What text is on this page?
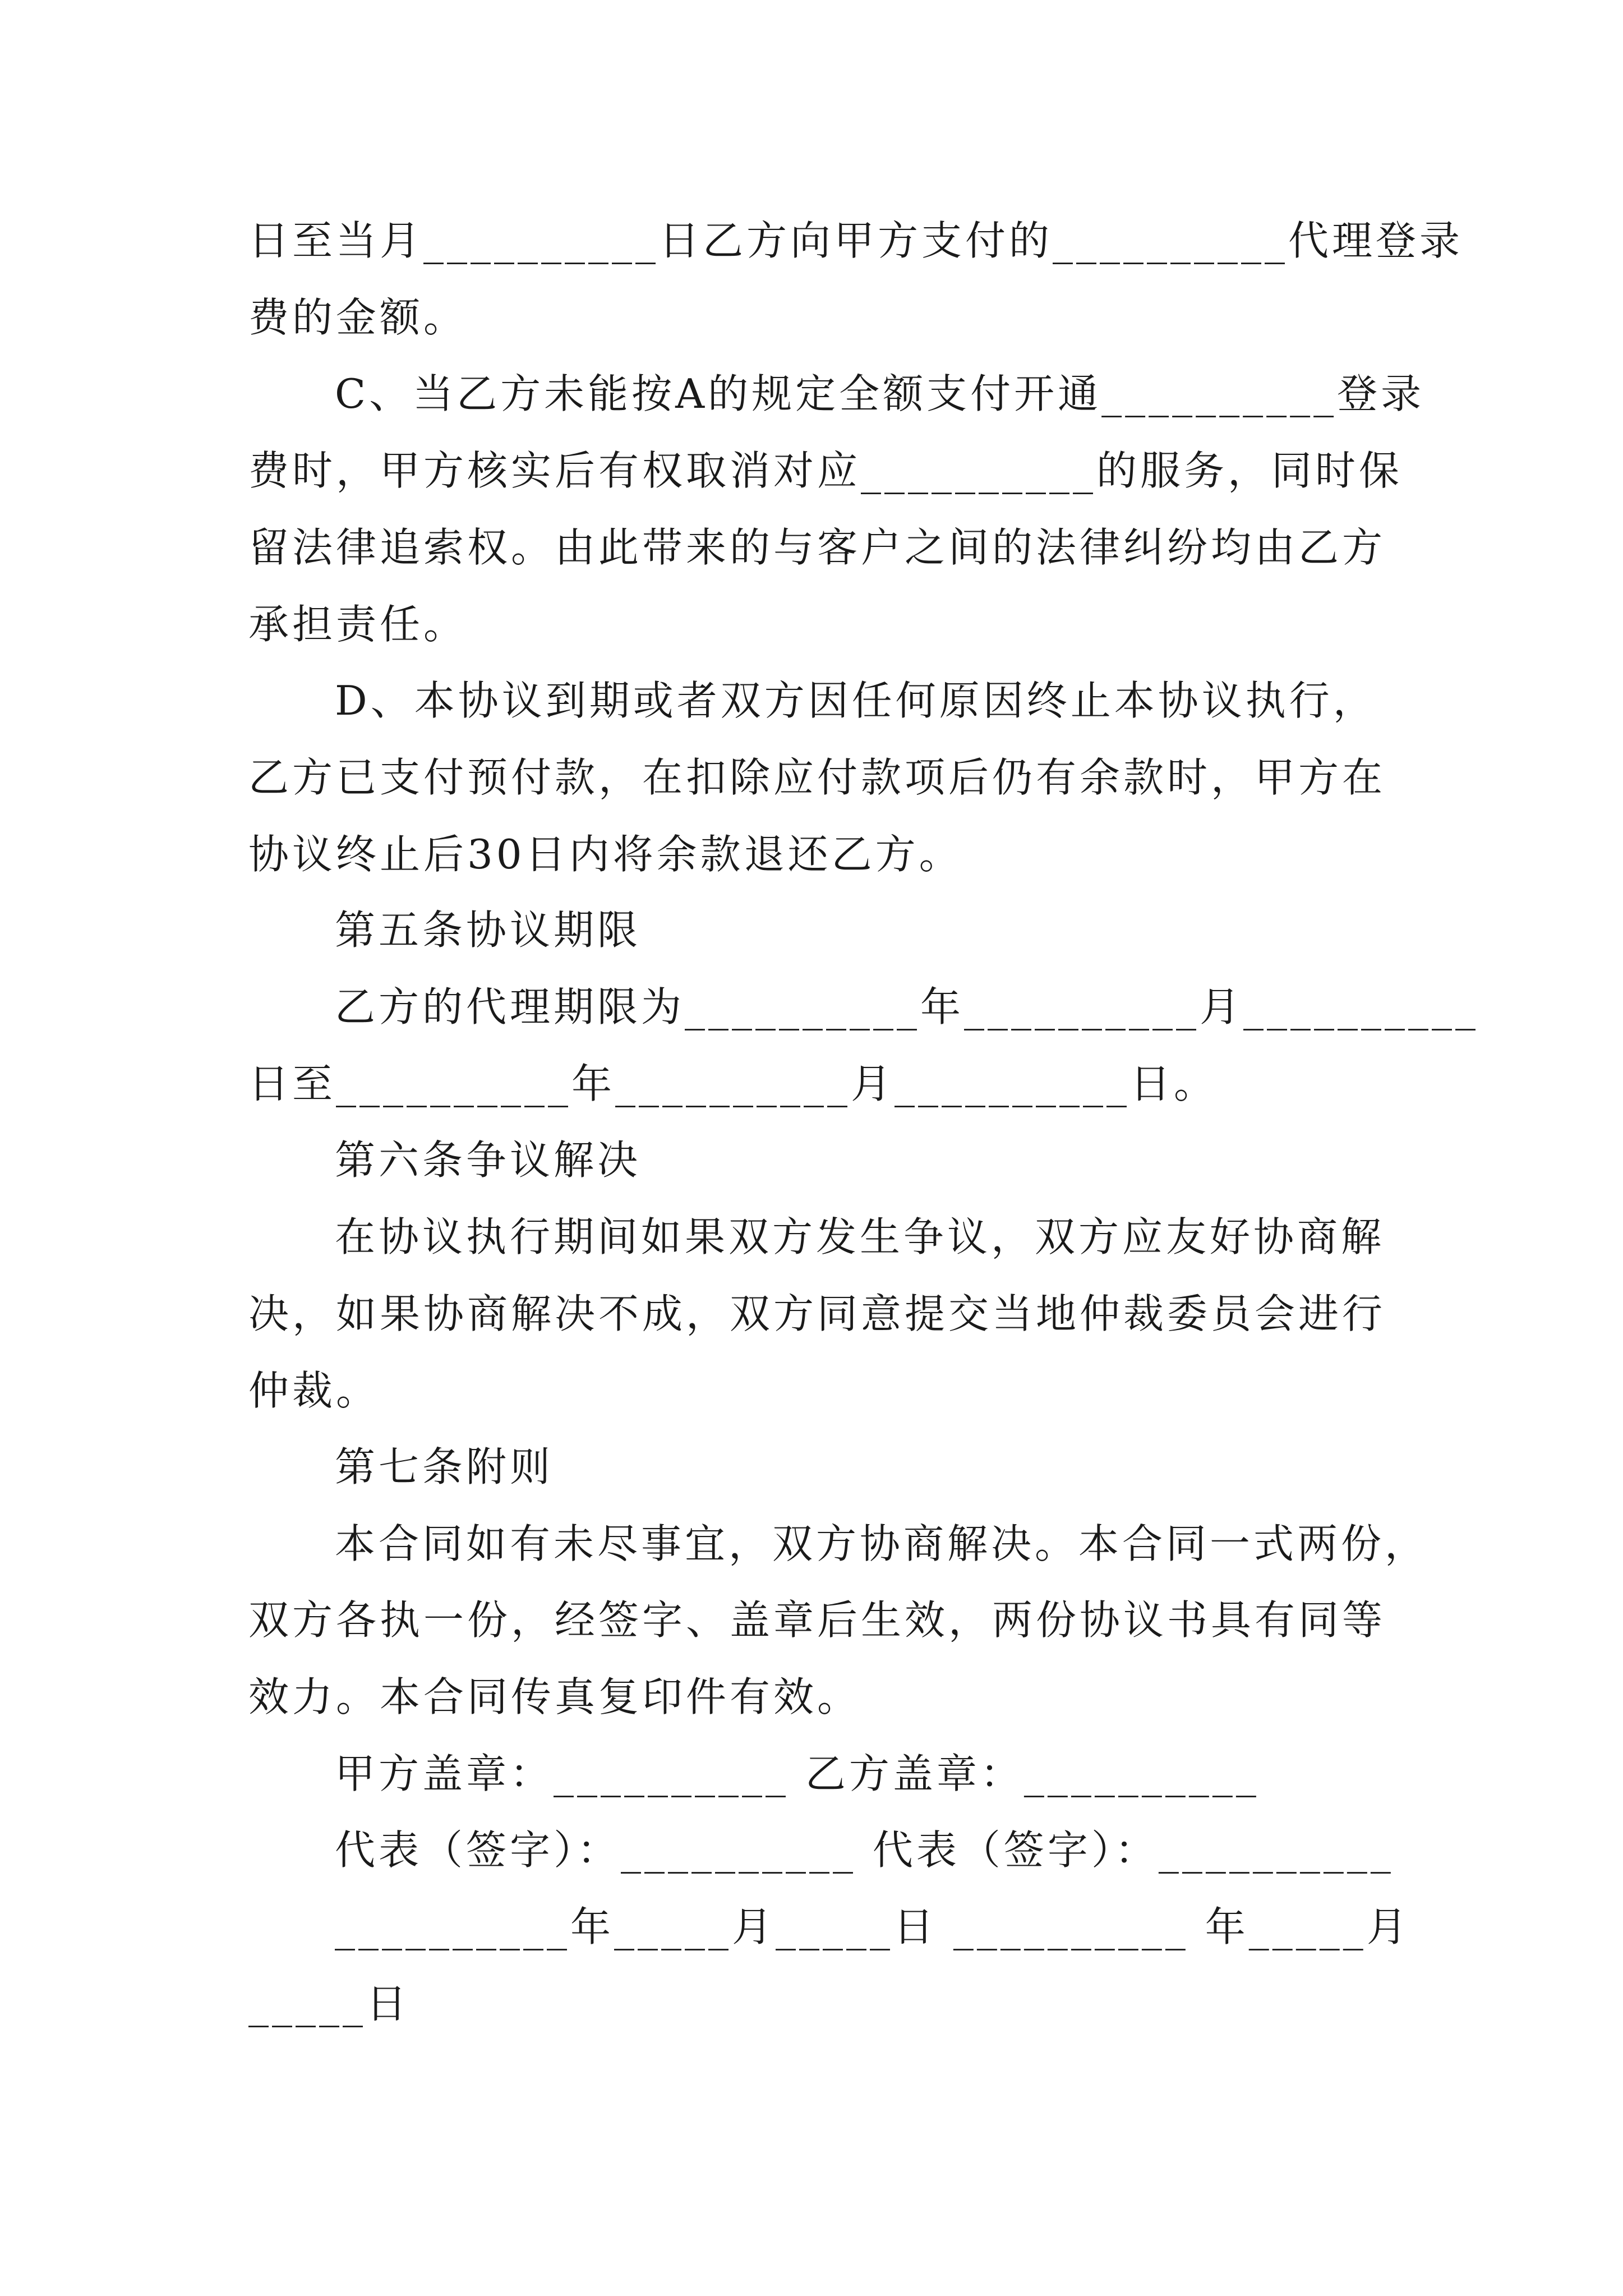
日至当月__________日乙方向甲方支付的__________代理登录
费的金额。
C、当乙方未能按A的规定全额支付开通__________登录
费时，甲方核实后有权取消对应__________的服务，同时保
留法律追索权。由此带来的与客户之间的法律纠纷均由乙方
承担责任。
D、本协议到期或者双方因任何原因终止本协议执行，
乙方已支付预付款，在扣除应付款项后仍有余款时，甲方在
协议终止后30日内将余款退还乙方。
第五条协议期限
乙方的代理期限为__________年__________月__________
日至__________年__________月__________日。
第六条争议解决
在协议执行期间如果双方发生争议，双方应友好协商解
决，如果协商解决不成，双方同意提交当地仲裁委员会进行
仲裁。
第七条附则
本合同如有未尽事宜，双方协商解决。本合同一式两份，
双方各执一份，经签字、盖章后生效，两份协议书具有同等
效力。本合同传真复印件有效。
甲方盖章：__________ 乙方盖章：__________
代表（签字）：__________ 代表（签字）：__________
__________年_____月_____日 __________ 年_____月
_____日
